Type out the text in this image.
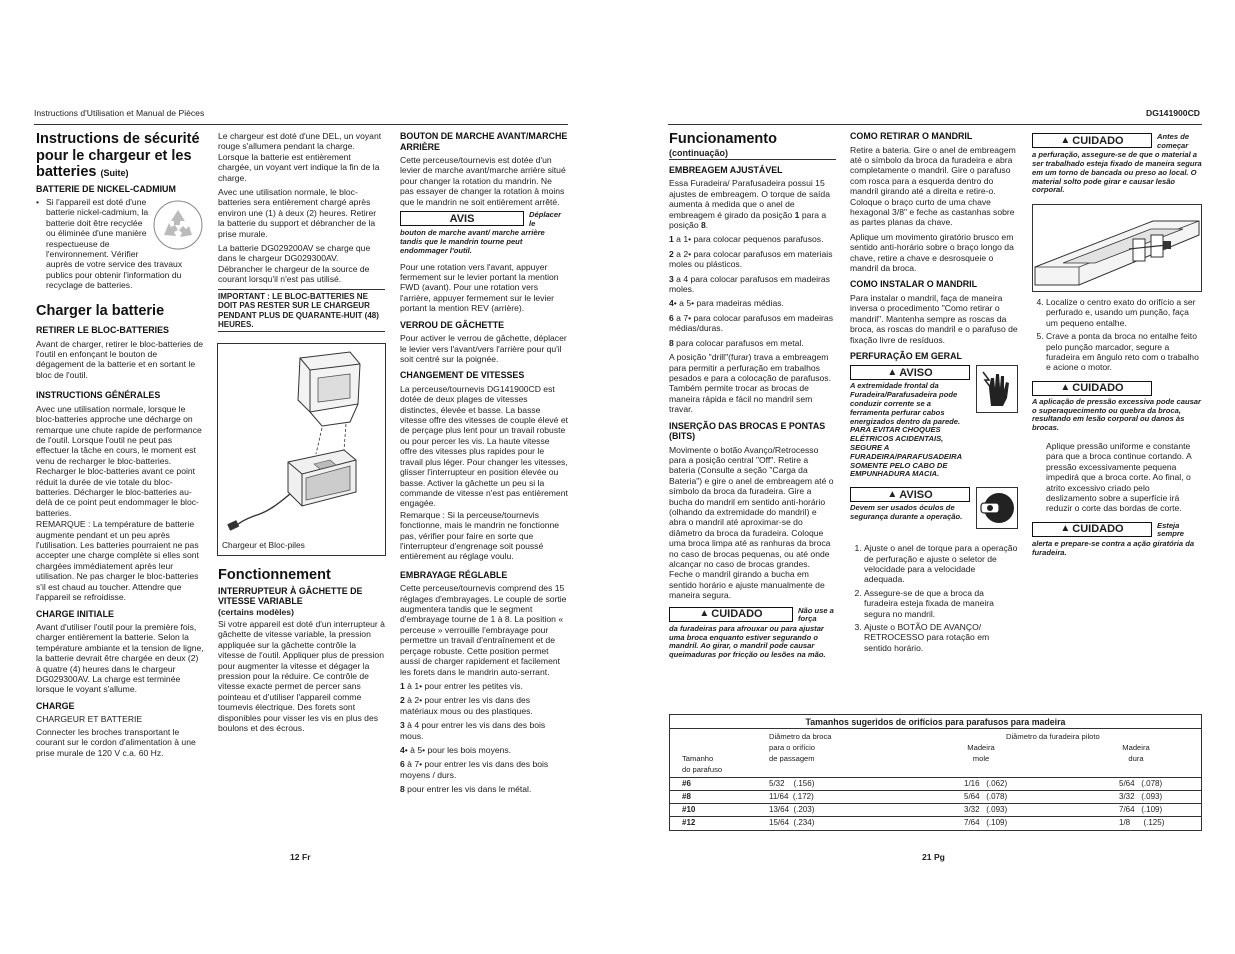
Instructions d'Utilisation et Manual de Pièces	DG141900CD
Instructions de sécurité pour le chargeur et les batteries (Suite)
BATTERIE DE NICKEL-CADMIUM
• Si l'appareil est doté d'une batterie nickel-cadmium, la batterie doit être recyclée ou éliminée d'une manière respectueuse de l'environnement. Vérifier auprès de votre service des travaux publics pour obtenir l'information du recyclage de batteries.
Charger la batterie
RETIRER LE BLOC-BATTERIES

Avant de charger, retirer le bloc-batteries de l'outil en enfonçant le bouton de dégagement de la batterie et en sortant le bloc de l'outil.

INSTRUCTIONS GÉNÉRALES

Avec une utilisation normale, lorsque le bloc-batteries approche une décharge on remarque une chute rapide de performance de l'outil. Lorsque l'outil ne peut pas effectuer la tâche en cours, le moment est venu de recharger le bloc-batteries. Recharger le bloc-batteries avant ce point réduit la durée de vie totale du bloc-batteries. Décharger le bloc-batteries au-delà de ce point peut endommager le bloc-batteries.

REMARQUE : La température de batterie augmente pendant et un peu après l'utilisation. Les batteries pourraient ne pas accepter une charge complète si elles sont chargées immédiatement après leur utilisation. Ne pas charger le bloc-batteries s'il est chaud au toucher. Attendre que l'appareil se refroidisse.

CHARGE INITIALE

Avant d'utiliser l'outil pour la première fois, charger entièrement la batterie. Selon la température ambiante et la tension de ligne, la batterie devrait être chargée en deux (2) à quatre (4) heures dans le chargeur DG029300AV. La charge est terminée lorsque le voyant s'allume.

CHARGE

CHARGEUR ET BATTERIE

Connecter les broches transportant le courant sur le cordon d'alimentation à une prise murale de 120 V c.a. 60 Hz.

Le chargeur est doté d'une DEL, un voyant rouge s'allumera pendant la charge. Lorsque la batterie est entièrement chargée, un voyant vert indique la fin de la charge.

Avec une utilisation normale, le bloc-batteries sera entièrement chargé après environ une (1) à deux (2) heures. Retirer la batterie du support et débrancher de la prise murale.

La batterie DG029200AV se charge que dans le chargeur DG029300AV. Débrancher le chargeur de la source de courant lorsqu'il n'est pas utilisé.

IMPORTANT : LE BLOC-BATTERIES NE DOIT PAS RESTER SUR LE CHARGEUR PENDANT PLUS DE QUARANTE-HUIT (48) HEURES.

Chargeur et Bloc-piles
Fonctionnement
INTERRUPTEUR À GÂCHETTE DE VITESSE VARIABLE
(certains modèles)

Si votre appareil est doté d'un interrupteur à gâchette de vitesse variable, la pression appliquée sur la gâchette contrôle la vitesse de l'outil. Appliquer plus de pression pour augmenter la vitesse et dégager la pression pour la réduire. Ce contrôle de vitesse exacte permet de percer sans pointeau et d'utiliser l'appareil comme tournevis électrique. Des forets sont disponibles pour visser les vis en plus des boulons et des écrous.

BOUTON DE MARCHE AVANT/MARCHE ARRIÈRE

Cette perceuse/tournevis est dotée d'un levier de marche avant/marche arrière situé pour changer la rotation du mandrin. Ne pas essayer de changer la rotation à moins que le mandrin ne soit entièrement arrêté.

AVIS	Déplacer le
bouton de marche avant/ marche arrière tandis que le mandrin tourne peut endommager l'outil.

Pour une rotation vers l'avant, appuyer fermement sur le levier portant la mention FWD (avant). Pour une rotation vers l'arrière, appuyer fermement sur le levier portant la mention REV (arrière).

VERROU DE GÂCHETTE

Pour activer le verrou de gâchette, déplacer le levier vers l'avant/vers l'arrière pour qu'il soit centré sur la poignée.

CHANGEMENT DE VITESSES

La perceuse/tournevis DG141900CD est dotée de deux plages de vitesses distinctes, élevée et basse. La basse vitesse offre des vitesses de couple élevé et de perçage plus lent pour un travail robuste ou pour percer les vis. La haute vitesse offre des vitesses plus rapides pour le travail plus léger. Pour changer les vitesses, glisser l'interrupteur en position élevée ou basse. Activer la gâchette un peu si la commande de vitesse n'est pas entièrement engagée.

Remarque : Si la perceuse/tournevis fonctionne, mais le mandrin ne fonctionne pas, vérifier pour faire en sorte que l'interrupteur d'engrenage soit poussé entièrement au réglage voulu.

EMBRAYAGE RÉGLABLE

Cette perceuse/tournevis comprend des 15 réglages d'embrayages. Le couple de sortie augmentera tandis que le segment d'embrayage tourne de 1 à 8. La position « perceuse » verrouille l'embrayage pour permettre un travail d'entraînement et de perçage robuste. Cette position permet aussi de charger rapidement et facilement les forets dans le mandrin auto-serrant.

1 à 1• pour entrer les petites vis.

2 à 2• pour entrer les vis dans des matériaux mous ou des plastiques.

3 à 4 pour entrer les vis dans des bois mous.

4• à 5• pour les bois moyens.

6 à 7• pour entrer les vis dans des bois moyens / durs.

8 pour entrer les vis dans le métal.

Funcionamento
(continuação)
EMBREAGEM AJUSTÁVEL

Essa Furadeira/ Parafusadeira possui 15 ajustes de embreagem. O torque de saída aumenta à medida que o anel de embreagem é girado da posição 1 para a posição 8.

1 a 1• para colocar pequenos parafusos.

2 a 2• para colocar parafusos em materiais moles ou plásticos.

3 a 4 para colocar parafusos em madeiras moles.

4• a 5• para madeiras médias.

6 a 7• para colocar parafusos em madeiras médias/duras.

8 para colocar parafusos em metal.

A posição "drill"(furar) trava a embreagem para permitir a perfuração em trabalhos pesados e para a colocação de parafusos. Também permite trocar as brocas de maneira rápida e fácil no mandril sem travar.

INSERÇÃO DAS BROCAS E PONTAS (BITS)

Movimente o botão Avanço/Retrocesso para a posição central "Off". Retire a bateria (Consulte a seção "Carga da Bateria") e gire o anel de embreagem até o símbolo da broca da furadeira. Gire a bucha do mandril em sentido anti-horário (olhando da extremidade do mandril) e abra o mandril até aproximar-se do diâmetro da broca da furadeira. Coloque uma broca limpa até as ranhuras da broca no caso de brocas pequenas, ou até onde alcançar no caso de brocas grandes. Feche o mandril girando a bucha em sentido horário e ajuste manualmente de maneira segura.

▲ CUIDADO	Não use a força
da furadeiras para afrouxar ou para ajustar uma broca enquanto estiver segurando o mandril. Ao girar, o mandril pode causar queimaduras por fricção ou lesões na mão.
COMO RETIRAR O MANDRIL

Retire a bateria. Gire o anel de embreagem até o símbolo da broca da furadeira e abra completamente o mandril. Gire o parafuso com rosca para a esquerda dentro do mandril girando até a direita e retire-o. Coloque o braço curto de uma chave hexagonal 3/8" e feche as castanhas sobre as partes planas da chave.

Aplique um movimento giratório brusco em sentido anti-horário sobre o braço longo da chave, retire a chave e desrosqueie o mandril da broca.

COMO INSTALAR O MANDRIL

Para instalar o mandril, faça de maneira inversa o procedimento "Como retirar o mandril". Mantenha sempre as roscas da broca, as roscas do mandril e o parafuso de fixação livre de resíduos.

PERFURAÇÃO EM GERAL
▲ AVISO
A extremidade frontal da Furadeira/Parafusadeira pode conduzir corrente se a ferramenta perfurar cabos energizados dentro da parede. PARA EVITAR CHOQUES ELÉTRICOS ACIDENTAIS, SEGURE A FURADEIRA/PARAFUSADEIRA SOMENTE PELO CABO DE EMPUNHADURA MACIA.
▲ AVISO
Devem ser usados óculos de segurança durante a operação.
1. Ajuste o anel de torque para a operação de perfuração e ajuste o seletor de velocidade para a velocidade adequada.
2. Assegure-se de que a broca da furadeira esteja fixada de maneira segura no mandril.
3. Ajuste o BOTÃO DE AVANÇO/ RETROCESSO para rotação em sentido horário.
▲ CUIDADO	Antes de começar
a perfuração, assegure-se de que o material a ser trabalhado esteja fixado de maneira segura em um torno de bancada ou preso ao local. O material solto pode girar e causar lesão corporal.
4. Localize o centro exato do orifício a ser perfurado e, usando um punção, faça um pequeno entalhe.
5. Crave a ponta da broca no entalhe feito pelo punção marcador, segure a furadeira em ângulo reto com o trabalho e acione o motor.
▲ CUIDADO
A aplicação de pressão excessiva pode causar o superaquecimento ou quebra da broca, resultando em lesão corporal ou danos às brocas.

Aplique pressão uniforme e constante para que a broca continue cortando. A pressão excessivamente pequena impedirá que a broca corte. Ao final, o atrito excessivo criado pelo deslizamento sobre a superfície irá reduzir o corte das bordas de corte.

▲ CUIDADO	Esteja sempre
alerta e prepare-se contra a ação giratória da furadeira.
Tamanhos sugeridos de orifícios para parafusos para madeira
Tamanho
do parafuso
Diâmetro da broca
para o orifício
de passagem
Diâmetro da furadeira piloto
Madeira
mole
Madeira
dura
#6	5/32    (.156)	1/16   (.062)	5/64   (.078)
#8	11/64  (.172)	5/64   (.078)	3/32   (.093)
#10	13/64  (.203)	3/32   (.093)	7/64   (.109)
#12	15/64  (.234)	7/64   (.109)	1/8      (.125)
12 Fr	21 Pg
